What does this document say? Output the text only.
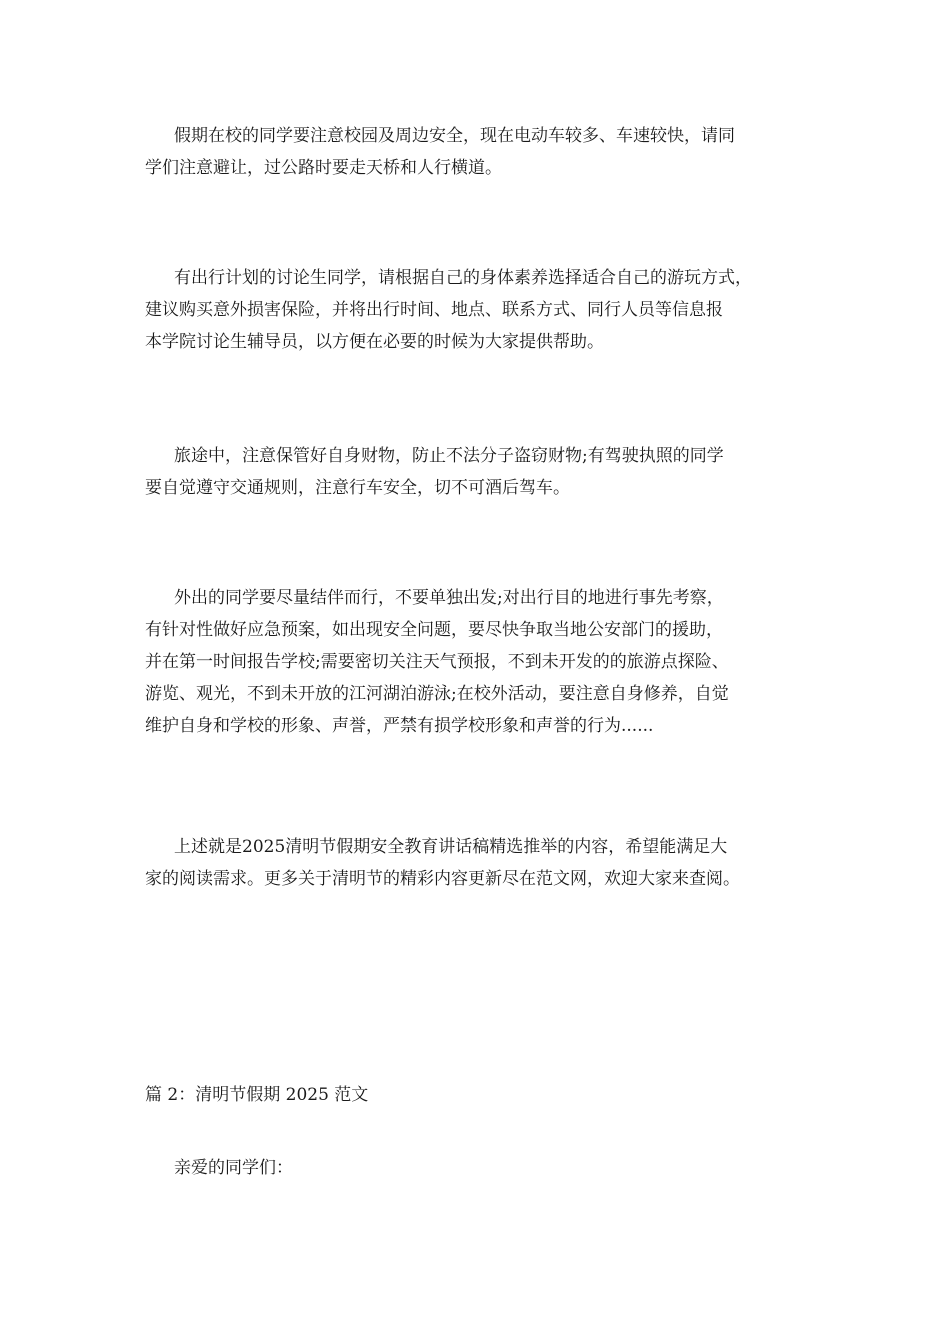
假期在校的同学要注意校园及周边安全，现在电动车较多、车速较快，请同
学们注意避让，过公路时要走天桥和人行横道。
有出行计划的讨论生同学，请根据自己的身体素养选择适合自己的游玩方式，
建议购买意外损害保险，并将出行时间、地点、联系方式、同行人员等信息报
本学院讨论生辅导员，以方便在必要的时候为大家提供帮助。
旅途中，注意保管好自身财物，防止不法分子盗窃财物;有驾驶执照的同学
要自觉遵守交通规则，注意行车安全，切不可酒后驾车。
外出的同学要尽量结伴而行，不要单独出发;对出行目的地进行事先考察，
有针对性做好应急预案，如出现安全问题，要尽快争取当地公安部门的援助，
并在第一时间报告学校;需要密切关注天气预报，不到未开发的的旅游点探险、
游览、观光，不到未开放的江河湖泊游泳;在校外活动，要注意自身修养，自觉
维护自身和学校的形象、声誉，严禁有损学校形象和声誉的行为......
上述就是2025清明节假期安全教育讲话稿精选推举的内容，希望能满足大
家的阅读需求。更多关于清明节的精彩内容更新尽在范文网，欢迎大家来查阅。
篇 2：清明节假期 2025 范文
亲爱的同学们：
